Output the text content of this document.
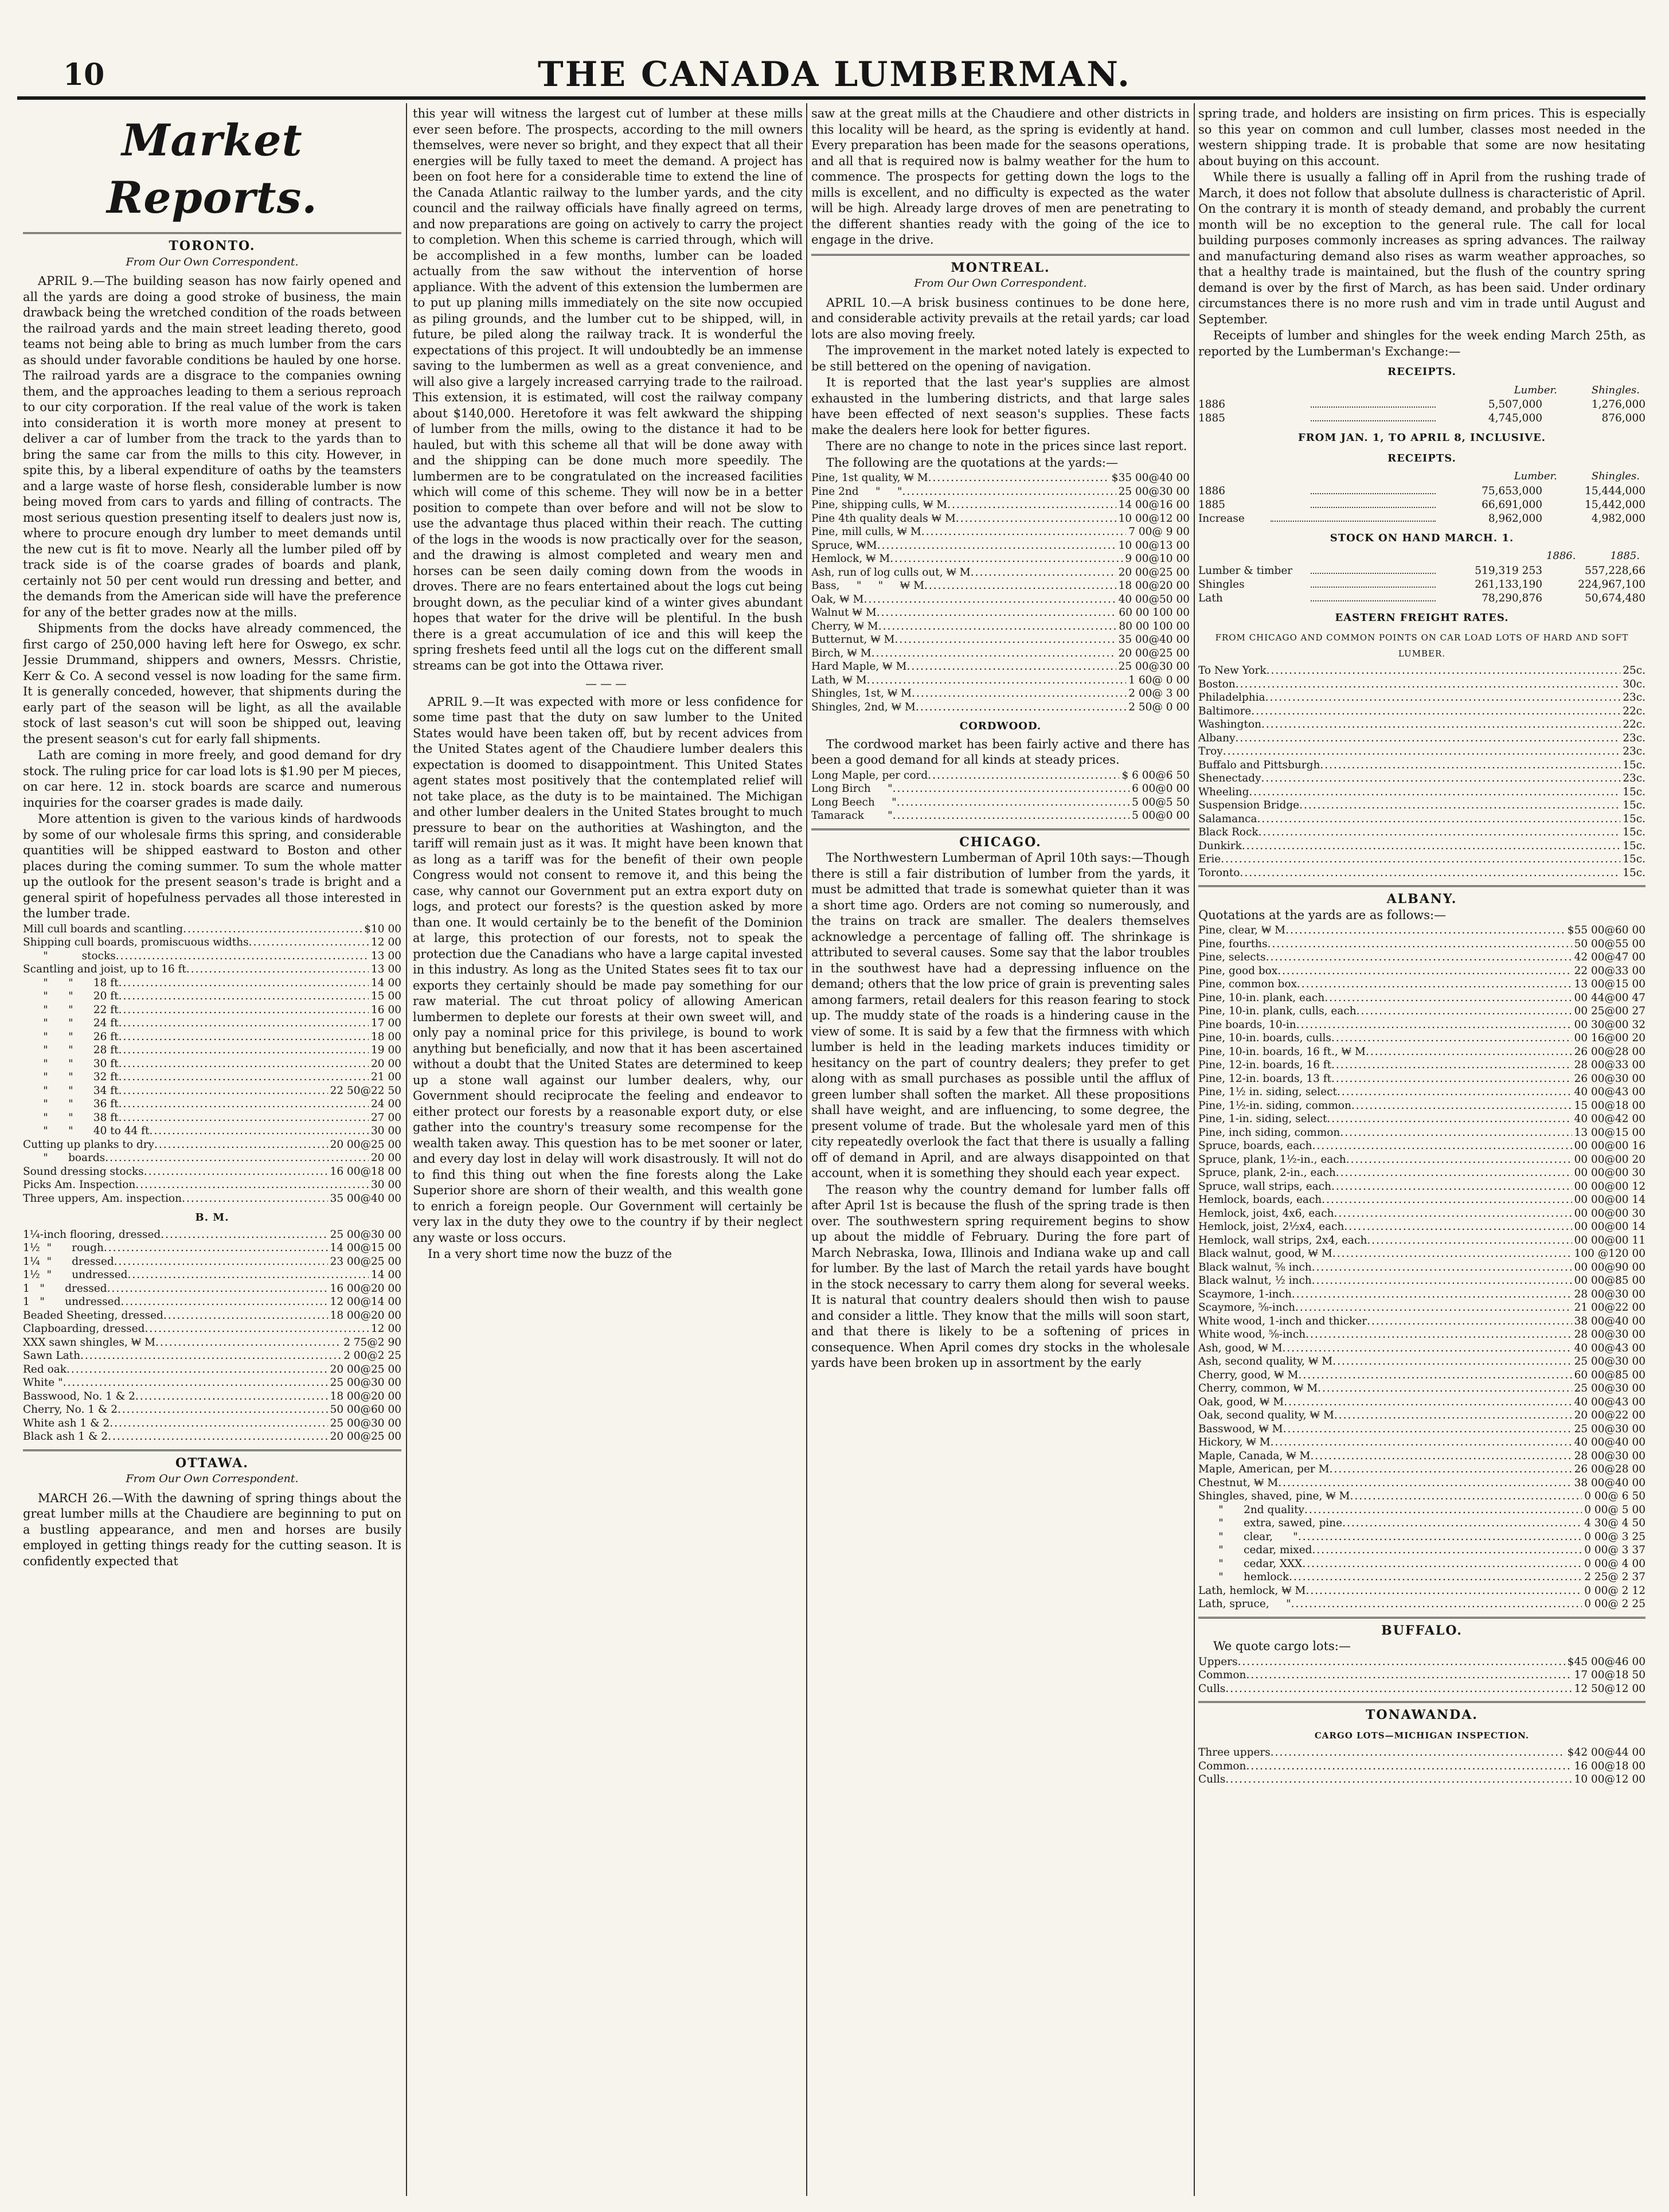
10	THE CANADA LUMBERMAN.
Market Reports.
TORONTO.
From Our Own Correspondent.

APRIL 9.—The building season has now fairly opened and all the yards are doing a good stroke of business, the main drawback being the wretched condition of the roads between the railroad yards and the main street leading thereto, good teams not being able to bring as much lumber from the cars as should under favorable conditions be hauled by one horse. The railroad yards are a disgrace to the companies owning them, and the approaches leading to them a serious reproach to our city corporation. If the real value of the work is taken into consideration it is worth more money at present to deliver a car of lumber from the track to the yards than to bring the same car from the mills to this city. However, in spite this, by a liberal expenditure of oaths by the teamsters and a large waste of horse flesh, considerable lumber is now being moved from cars to yards and filling of contracts. The most serious question presenting itself to dealers just now is, where to procure enough dry lumber to meet demands until the new cut is fit to move. Nearly all the lumber piled off by track side is of the coarse grades of boards and plank, certainly not 50 per cent would run dressing and better, and the demands from the American side will have the preference for any of the better grades now at the mills.

Shipments from the docks have already commenced, the first cargo of 250,000 having left here for Oswego, ex schr. Jessie Drummand, shippers and owners, Messrs. Christie, Kerr & Co. A second vessel is now loading for the same firm. It is generally conceded, however, that shipments during the early part of the season will be light, as all the available stock of last season's cut will soon be shipped out, leaving the present season's cut for early fall shipments.

Lath are coming in more freely, and good demand for dry stock. The ruling price for car load lots is $1.90 per M pieces, on car here. 12 in. stock boards are scarce and numerous inquiries for the coarser grades is made daily.

More attention is given to the various kinds of hardwoods by some of our wholesale firms this spring, and considerable quantities will be shipped eastward to Boston and other places during the coming summer. To sum the whole matter up the outlook for the present season's trade is bright and a general spirit of hopefulness pervades all those interested in the lumber trade.

Mill cull boards and scantling .....	$10 00
Shipping cull boards, promiscuous widths .....	12 00
"          stocks .....	13 00
Scantling and joist, up to 16 ft .....	13 00
"      "      18 ft .....	14 00
"      "      20 ft .....	15 00
"      "      22 ft .....	16 00
"      "      24 ft .....	17 00
"      "      26 ft .....	18 00
"      "      28 ft .....	19 00
"      "      30 ft .....	20 00
"      "      32 ft .....	21 00
"      "      34 ft .....	22 50@22 50
"      "      36 ft .....	24 00
"      "      38 ft .....	27 00
"      "      40 to 44 ft .....	30 00
Cutting up planks to dry .....	20 00@25 00
"      boards .....	20 00
Sound dressing stocks .....	16 00@18 00
Picks Am. Inspection .....	30 00
Three uppers, Am. inspection .....	35 00@40 00
B. M.
1¼-inch flooring, dressed .....	25 00@30 00
1½  "      rough .....	14 00@15 00
1¼  "      dressed .....	23 00@25 00
1½  "      undressed .....	14 00
1   "      dressed .....	16 00@20 00
1   "      undressed .....	12 00@14 00
Beaded Sheeting, dressed .....	18 00@20 00
Clapboarding, dressed .....	12 00
XXX sawn shingles, ₩ M .....	2 75@2 90
Sawn Lath .....	2 00@2 25
Red oak .....	20 00@25 00
White " .....	25 00@30 00
Basswood, No. 1 & 2 .....	18 00@20 00
Cherry, No. 1 & 2 .....	50 00@60 00
White ash 1 & 2 .....	25 00@30 00
Black ash 1 & 2 .....	20 00@25 00
OTTAWA.
From Our Own Correspondent.

MARCH 26.—With the dawning of spring things about the great lumber mills at the Chaudiere are beginning to put on a bustling appearance, and men and horses are busily employed in getting things ready for the cutting season. It is confidently expected that

this year will witness the largest cut of lumber at these mills ever seen before. The prospects, according to the mill owners themselves, were never so bright, and they expect that all their energies will be fully taxed to meet the demand. A project has been on foot here for a considerable time to extend the line of the Canada Atlantic railway to the lumber yards, and the city council and the railway officials have finally agreed on terms, and now preparations are going on actively to carry the project to completion. When this scheme is carried through, which will be accomplished in a few months, lumber can be loaded actually from the saw without the intervention of horse appliance. With the advent of this extension the lumbermen are to put up planing mills immediately on the site now occupied as piling grounds, and the lumber cut to be shipped, will, in future, be piled along the railway track. It is wonderful the expectations of this project. It will undoubtedly be an immense saving to the lumbermen as well as a great convenience, and will also give a largely increased carrying trade to the railroad. This extension, it is estimated, will cost the railway company about $140,000. Heretofore it was felt awkward the shipping of lumber from the mills, owing to the distance it had to be hauled, but with this scheme all that will be done away with and the shipping can be done much more speedily. The lumbermen are to be congratulated on the increased facilities which will come of this scheme. They will now be in a better position to compete than over before and will not be slow to use the advantage thus placed within their reach. The cutting of the logs in the woods is now practically over for the season, and the drawing is almost completed and weary men and horses can be seen daily coming down from the woods in droves. There are no fears entertained about the logs cut being brought down, as the peculiar kind of a winter gives abundant hopes that water for the drive will be plentiful. In the bush there is a great accumulation of ice and this will keep the spring freshets feed until all the logs cut on the different small streams can be got into the Ottawa river.

———

APRIL 9.—It was expected with more or less confidence for some time past that the duty on saw lumber to the United States would have been taken off, but by recent advices from the United States agent of the Chaudiere lumber dealers this expectation is doomed to disappointment. This United States agent states most positively that the contemplated relief will not take place, as the duty is to be maintained. The Michigan and other lumber dealers in the United States brought to much pressure to bear on the authorities at Washington, and the tariff will remain just as it was. It might have been known that as long as a tariff was for the benefit of their own people Congress would not consent to remove it, and this being the case, why cannot our Government put an extra export duty on logs, and protect our forests? is the question asked by more than one. It would certainly be to the benefit of the Dominion at large, this protection of our forests, not to speak the protection due the Canadians who have a large capital invested in this industry. As long as the United States sees fit to tax our exports they certainly should be made pay something for our raw material. The cut throat policy of allowing American lumbermen to deplete our forests at their own sweet will, and only pay a nominal price for this privilege, is bound to work anything but beneficially, and now that it has been ascertained without a doubt that the United States are determined to keep up a stone wall against our lumber dealers, why, our Government should reciprocate the feeling and endeavor to either protect our forests by a reasonable export duty, or else gather into the country's treasury some recompense for the wealth taken away. This question has to be met sooner or later, and every day lost in delay will work disastrously. It will not do to find this thing out when the fine forests along the Lake Superior shore are shorn of their wealth, and this wealth gone to enrich a foreign people. Our Government will certainly be very lax in the duty they owe to the country if by their neglect any waste or loss occurs.

In a very short time now the buzz of the

saw at the great mills at the Chaudiere and other districts in this locality will be heard, as the spring is evidently at hand. Every preparation has been made for the seasons operations, and all that is required now is balmy weather for the hum to commence. The prospects for getting down the logs to the mills is excellent, and no difficulty is expected as the water will be high. Already large droves of men are penetrating to the different shanties ready with the going of the ice to engage in the drive.

MONTREAL.
From Our Own Correspondent.

APRIL 10.—A brisk business continues to be done here, and considerable activity prevails at the retail yards; car load lots are also moving freely.

The improvement in the market noted lately is expected to be still bettered on the opening of navigation.

It is reported that the last year's supplies are almost exhausted in the lumbering districts, and that large sales have been effected of next season's supplies. These facts make the dealers here look for better figures.

There are no change to note in the prices since last report.

The following are the quotations at the yards:—

Pine, 1st quality, ₩ M .....	$35 00@40 00
Pine 2nd     "     " .....	25 00@30 00
Pine, shipping culls, ₩ M .....	14 00@16 00
Pine 4th quality deals ₩ M .....	10 00@12 00
Pine, mill culls, ₩ M .....	7 00@ 9 00
Spruce, ₩M .....	10 00@13 00
Hemlock, ₩ M .....	9 00@10 00
Ash, run of log culls out, ₩ M .....	20 00@25 00
Bass,     "     "     ₩ M .....	18 00@20 00
Oak, ₩ M .....	40 00@50 00
Walnut ₩ M .....	60 00 100 00
Cherry, ₩ M .....	80 00 100 00
Butternut, ₩ M .....	35 00@40 00
Birch, ₩ M .....	20 00@25 00
Hard Maple, ₩ M .....	25 00@30 00
Lath, ₩ M .....	1 60@ 0 00
Shingles, 1st, ₩ M .....	2 00@ 3 00
Shingles, 2nd, ₩ M .....	2 50@ 0 00
CORDWOOD.

The cordwood market has been fairly active and there has been a good demand for all kinds at steady prices.

Long Maple, per cord .....	$ 6 00@6 50
Long Birch     " .....	6 00@0 00
Long Beech     " .....	5 00@5 50
Tamarack       " .....	5 00@0 00
CHICAGO.

The Northwestern Lumberman of April 10th says:—Though there is still a fair distribution of lumber from the yards, it must be admitted that trade is somewhat quieter than it was a short time ago. Orders are not coming so numerously, and the trains on track are smaller. The dealers themselves acknowledge a percentage of falling off. The shrinkage is attributed to several causes. Some say that the labor troubles in the southwest have had a depressing influence on the demand; others that the low price of grain is preventing sales among farmers, retail dealers for this reason fearing to stock up. The muddy state of the roads is a hindering cause in the view of some. It is said by a few that the firmness with which lumber is held in the leading markets induces timidity or hesitancy on the part of country dealers; they prefer to get along with as small purchases as possible until the afflux of green lumber shall soften the market. All these propositions shall have weight, and are influencing, to some degree, the present volume of trade. But the wholesale yard men of this city repeatedly overlook the fact that there is usually a falling off of demand in April, and are always disappointed on that account, when it is something they should each year expect.

The reason why the country demand for lumber falls off after April 1st is because the flush of the spring trade is then over. The southwestern spring requirement begins to show up about the middle of February. During the fore part of March Nebraska, Iowa, Illinois and Indiana wake up and call for lumber. By the last of March the retail yards have bought in the stock necessary to carry them along for several weeks. It is natural that country dealers should then wish to pause and consider a little. They know that the mills will soon start, and that there is likely to be a softening of prices in consequence. When April comes dry stocks in the wholesale yards have been broken up in assortment by the early

spring trade, and holders are insisting on firm prices. This is especially so this year on common and cull lumber, classes most needed in the western shipping trade. It is probable that some are now hesitating about buying on this account.

While there is usually a falling off in April from the rushing trade of March, it does not follow that absolute dullness is characteristic of April. On the contrary it is month of steady demand, and probably the current month will be no exception to the general rule. The call for local building purposes commonly increases as spring advances. The railway and manufacturing demand also rises as warm weather approaches, so that a healthy trade is maintained, but the flush of the country spring demand is over by the first of March, as has been said. Under ordinary circumstances there is no more rush and vim in trade until August and September.

Receipts of lumber and shingles for the week ending March 25th, as reported by the Lumberman's Exchange:—

RECEIPTS.
Lumber.	Shingles.
1886	5,507,000	1,276,000
1885	4,745,000	876,000
FROM JAN. 1, TO APRIL 8, INCLUSIVE.
RECEIPTS.
Lumber.	Shingles.
1886	75,653,000	15,444,000
1885	66,691,000	15,442,000
Increase	8,962,000	4,982,000
STOCK ON HAND MARCH. 1.
1886.	1885.
Lumber & timber	519,319 253	557,228,66
Shingles	261,133,190	224,967,100
Lath	78,290,876	50,674,480
EASTERN FREIGHT RATES.
FROM CHICAGO AND COMMON POINTS ON CAR LOAD LOTS OF HARD AND SOFT LUMBER.
To New York .....	25c.
Boston .....	30c.
Philadelphia .....	23c.
Baltimore .....	22c.
Washington .....	22c.
Albany .....	23c.
Troy .....	23c.
Buffalo and Pittsburgh .....	15c.
Shenectady .....	23c.
Wheeling .....	15c.
Suspension Bridge .....	15c.
Salamanca .....	15c.
Black Rock .....	15c.
Dunkirk .....	15c.
Erie .....	15c.
Toronto .....	15c.
ALBANY.

Quotations at the yards are as follows:—

Pine, clear, ₩ M .....	$55 00@60 00
Pine, fourths .....	50 00@55 00
Pine, selects .....	42 00@47 00
Pine, good box .....	22 00@33 00
Pine, common box .....	13 00@15 00
Pine, 10-in. plank, each .....	00 44@00 47
Pine, 10-in. plank, culls, each .....	00 25@00 27
Pine boards, 10-in .....	00 30@00 32
Pine, 10-in. boards, culls .....	00 16@00 20
Pine, 10-in. boards, 16 ft., ₩ M .....	26 00@28 00
Pine, 12-in. boards, 16 ft .....	28 00@33 00
Pine, 12-in. boards, 13 ft .....	26 00@30 00
Pine, 1½ in. siding, select .....	40 00@43 00
Pine, 1½-in. siding, common .....	15 00@18 00
Pine, 1-in. siding, select .....	40 00@42 00
Pine, inch siding, common .....	13 00@15 00
Spruce, boards, each .....	00 00@00 16
Spruce, plank, 1½-in., each .....	00 00@00 20
Spruce, plank, 2-in., each .....	00 00@00 30
Spruce, wall strips, each .....	00 00@00 12
Hemlock, boards, each .....	00 00@00 14
Hemlock, joist, 4x6, each .....	00 00@00 30
Hemlock, joist, 2½x4, each .....	00 00@00 14
Hemlock, wall strips, 2x4, each .....	00 00@00 11
Black walnut, good, ₩ M .....	100 @120 00
Black walnut, ⅝ inch .....	00 00@90 00
Black walnut, ½ inch .....	00 00@85 00
Scaymore, 1-inch .....	28 00@30 00
Scaymore, ⅝-inch .....	21 00@22 00
White wood, 1-inch and thicker .....	38 00@40 00
White wood, ⅝-inch .....	28 00@30 00
Ash, good, ₩ M .....	40 00@43 00
Ash, second quality, ₩ M .....	25 00@30 00
Cherry, good, ₩ M .....	60 00@85 00
Cherry, common, ₩ M .....	25 00@30 00
Oak, good, ₩ M .....	40 00@43 00
Oak, second quality, ₩ M .....	20 00@22 00
Basswood, ₩ M .....	25 00@30 00
Hickory, ₩ M .....	40 00@40 00
Maple, Canada, ₩ M .....	28 00@30 00
Maple, American, per M .....	26 00@28 00
Chestnut, ₩ M .....	38 00@40 00
Shingles, shaved, pine, ₩ M .....	0 00@ 6 50
"      2nd quality .....	0 00@ 5 00
"      extra, sawed, pine .....	4 30@ 4 50
"      clear,      " .....	0 00@ 3 25
"      cedar, mixed .....	0 00@ 3 37
"      cedar, XXX .....	0 00@ 4 00
"      hemlock .....	2 25@ 2 37
Lath, hemlock, ₩ M .....	0 00@ 2 12
Lath, spruce,     " .....	0 00@ 2 25
BUFFALO.

We quote cargo lots:—

Uppers .....	$45 00@46 00
Common .....	17 00@18 50
Culls .....	12 50@12 00
TONAWANDA.
CARGO LOTS—MICHIGAN INSPECTION.
Three uppers .....	$42 00@44 00
Common .....	16 00@18 00
Culls .....	10 00@12 00
